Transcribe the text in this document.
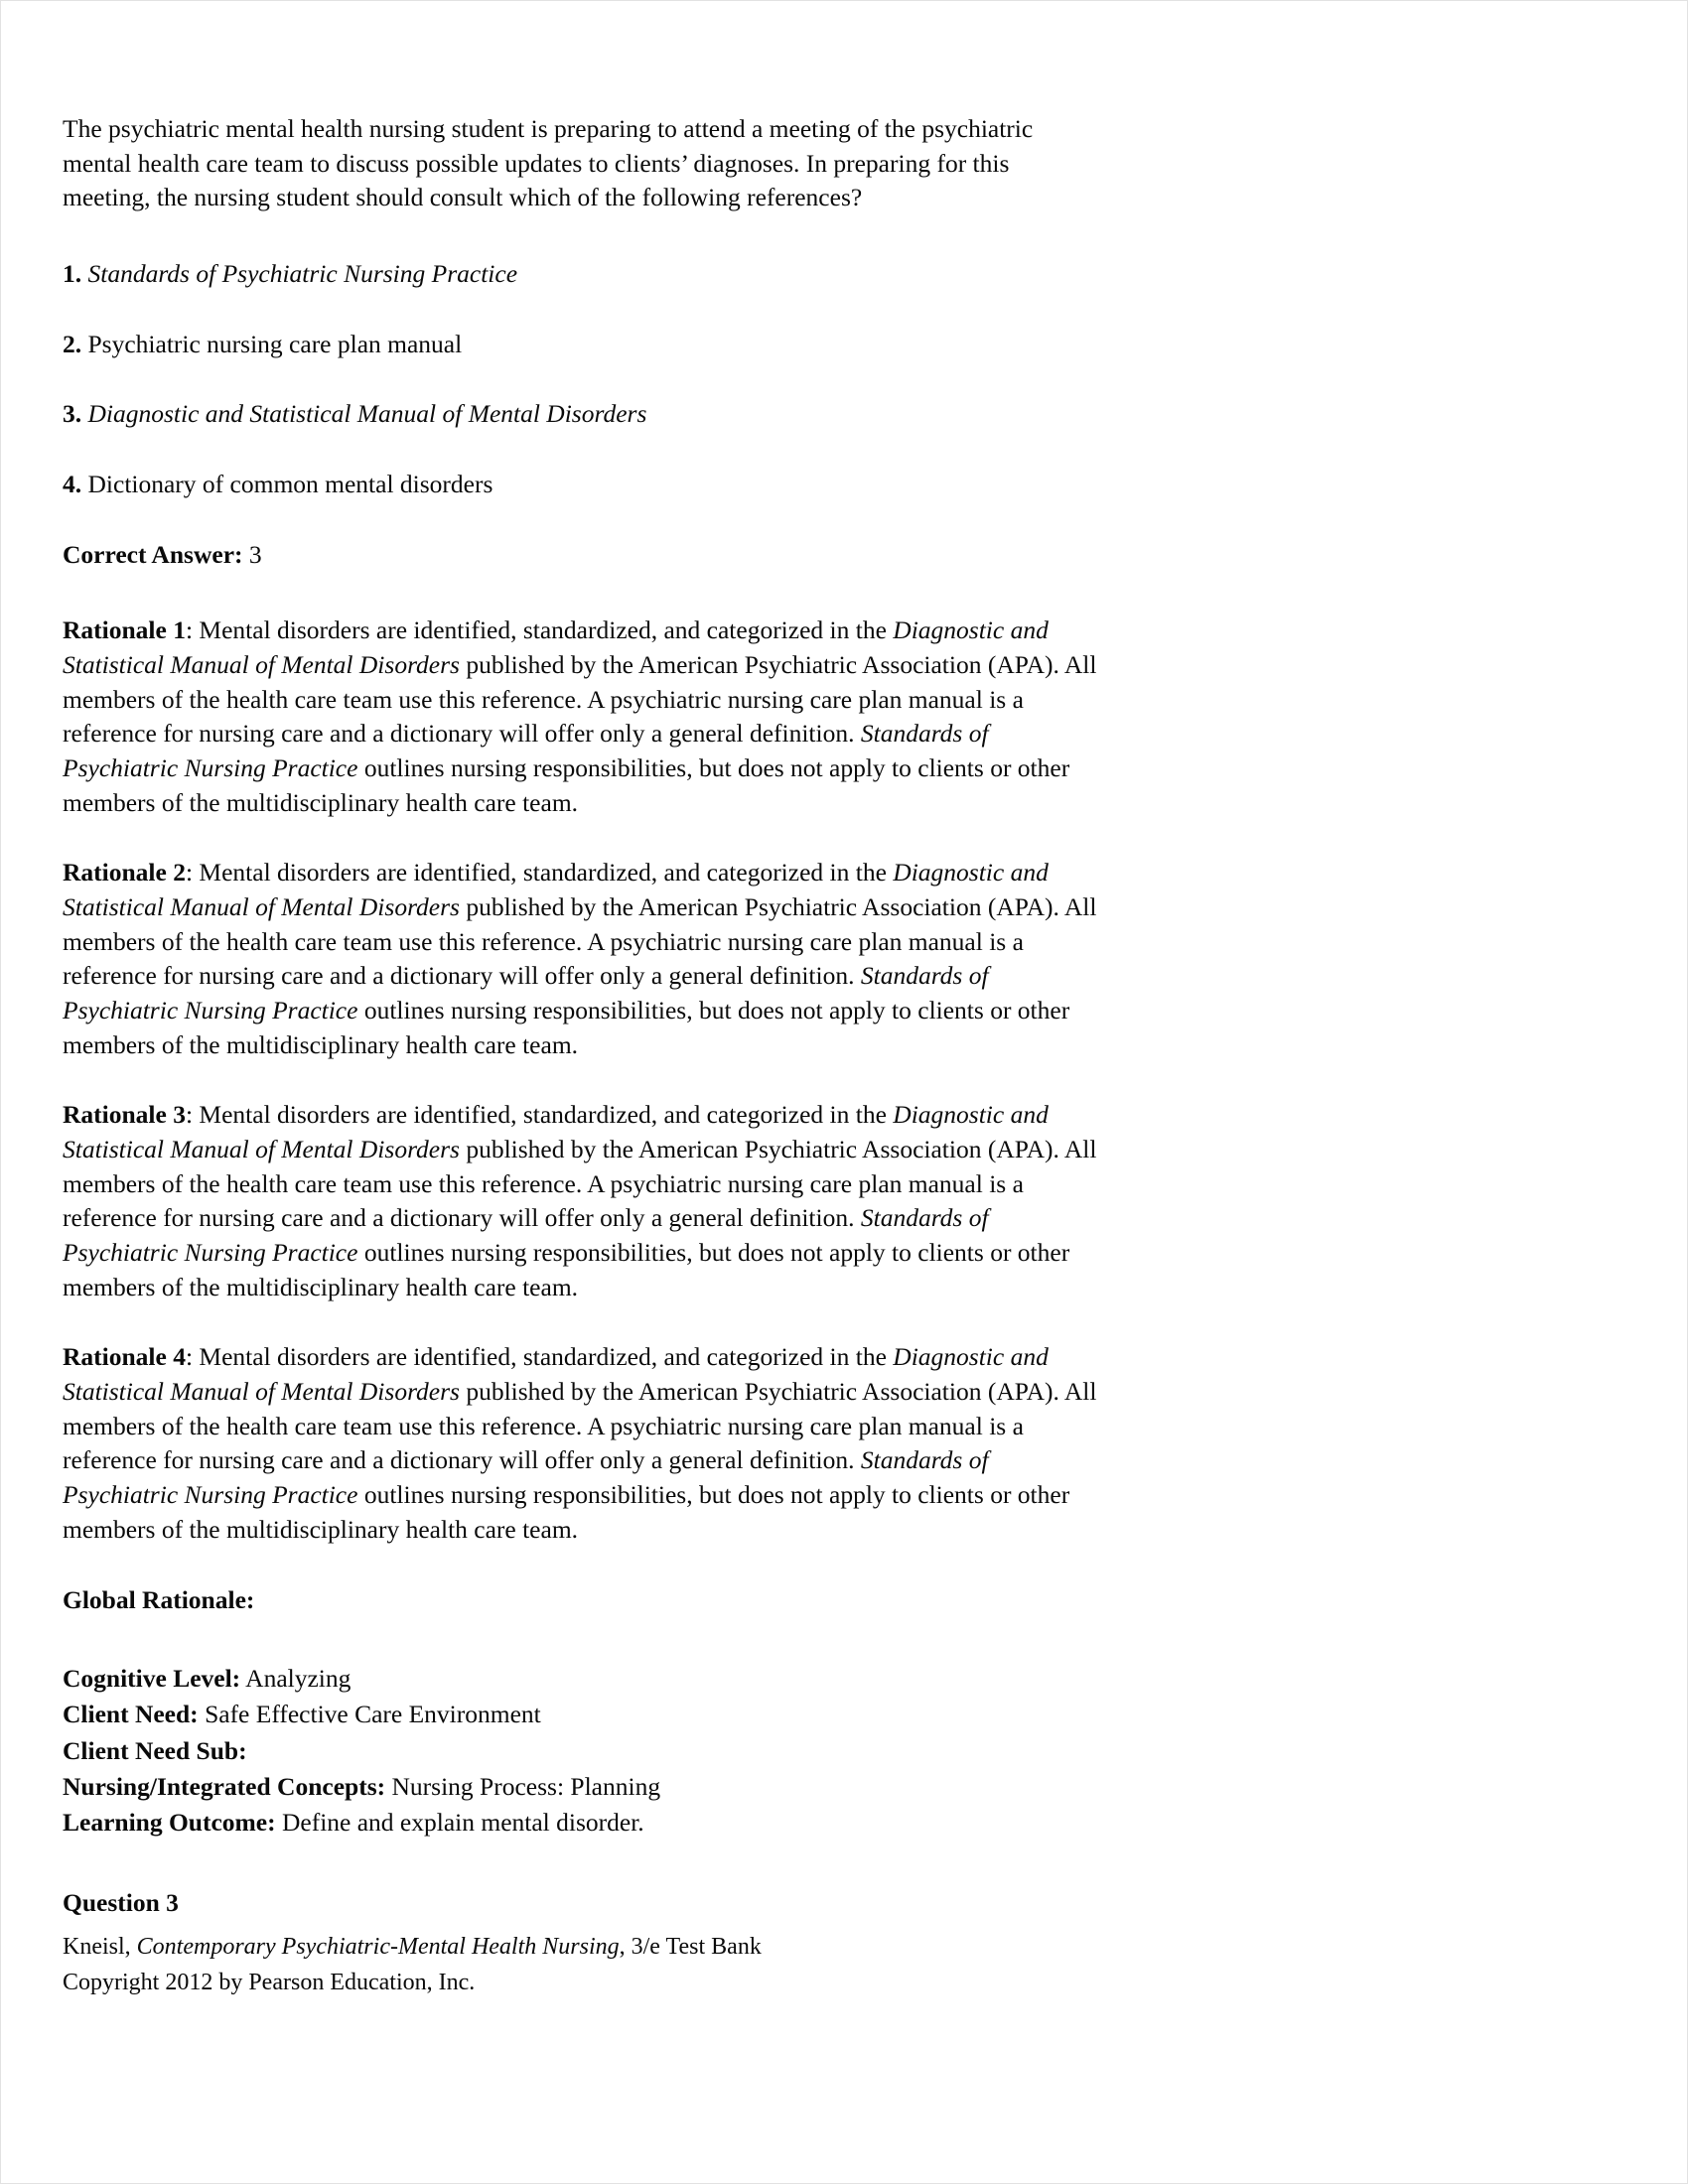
The psychiatric mental health nursing student is preparing to attend a meeting of the psychiatric mental health care team to discuss possible updates to clients’ diagnoses. In preparing for this meeting, the nursing student should consult which of the following references?

1. Standards of Psychiatric Nursing Practice

2. Psychiatric nursing care plan manual

3. Diagnostic and Statistical Manual of Mental Disorders

4. Dictionary of common mental disorders

Correct Answer: 3

Rationale 1: Mental disorders are identified, standardized, and categorized in the Diagnostic and Statistical Manual of Mental Disorders published by the American Psychiatric Association (APA). All members of the health care team use this reference. A psychiatric nursing care plan manual is a reference for nursing care and a dictionary will offer only a general definition. Standards of Psychiatric Nursing Practice outlines nursing responsibilities, but does not apply to clients or other members of the multidisciplinary health care team.

Rationale 2: Mental disorders are identified, standardized, and categorized in the Diagnostic and Statistical Manual of Mental Disorders published by the American Psychiatric Association (APA). All members of the health care team use this reference. A psychiatric nursing care plan manual is a reference for nursing care and a dictionary will offer only a general definition. Standards of Psychiatric Nursing Practice outlines nursing responsibilities, but does not apply to clients or other members of the multidisciplinary health care team.

Rationale 3: Mental disorders are identified, standardized, and categorized in the Diagnostic and Statistical Manual of Mental Disorders published by the American Psychiatric Association (APA). All members of the health care team use this reference. A psychiatric nursing care plan manual is a reference for nursing care and a dictionary will offer only a general definition. Standards of Psychiatric Nursing Practice outlines nursing responsibilities, but does not apply to clients or other members of the multidisciplinary health care team.

Rationale 4: Mental disorders are identified, standardized, and categorized in the Diagnostic and Statistical Manual of Mental Disorders published by the American Psychiatric Association (APA). All members of the health care team use this reference. A psychiatric nursing care plan manual is a reference for nursing care and a dictionary will offer only a general definition. Standards of Psychiatric Nursing Practice outlines nursing responsibilities, but does not apply to clients or other members of the multidisciplinary health care team.

Global Rationale:

Cognitive Level: Analyzing

Client Need: Safe Effective Care Environment

Client Need Sub:

Nursing/Integrated Concepts: Nursing Process: Planning

Learning Outcome: Define and explain mental disorder.

Question 3

Kneisl, Contemporary Psychiatric-Mental Health Nursing, 3/e Test Bank

Copyright 2012 by Pearson Education, Inc.
